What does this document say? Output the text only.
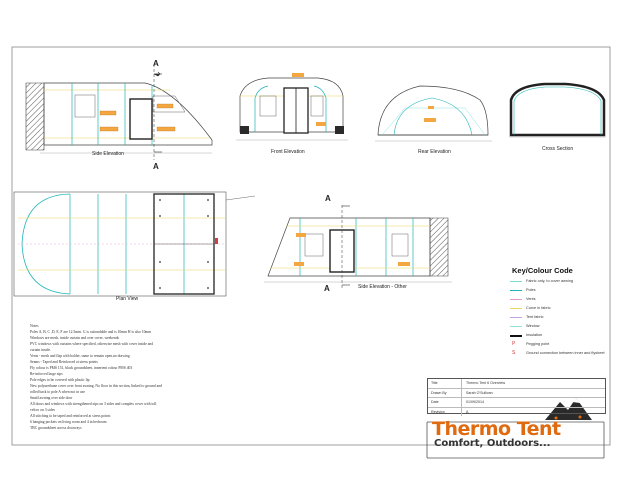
Side Elevation	Front Elevation	Rear Elevation	Cross Section
Plan View
Side Elevation - Other
A
A
A
A
Notes
Poles A, B, C ,D, E, F are 12.5mm. G is cuttondable and is 10mm H is also 10mm
Windows are mesh, inside curtain and over cover, weekends
PVC windows with curtains where specified, otherwise mesh with cover inside and
curtain inside.
Vents - mesh and flap with holder, same to remain open,no drawing
Seams - Taped and Reinforced at stress points
Fly colour is PMS 151, black groundsheet, innertent colour PMS 403
Re-inforced large zips
Pole edges to be covered with plastic lip
New polyurethane cover over front awning. No floor in this section, linked to ground and
rolled back to pole A when not in use
Small awning over side door
All doors and windows with strengthened zips on 3 sides and complex cover with toll
velcro on 3 sides
All stitching to be taped and reinforced at stress points
6 hanging pockets on living room and 4 in bedroom
TBC groundsheet across doorways
Key/Colour Code
Fabric only, to cover awning
Poles
Vents
Curve in fabric
Tent fabric
Window
Insulation
P	Pegging point
S	Ground connection between inner and flysheet
Title	Thermo Tent 6 Overview
Drawn By	Sarah O'Sullivan
Date	01/09/2014
Revision	A
Thermo Tent
Comfort, Outdoors...
